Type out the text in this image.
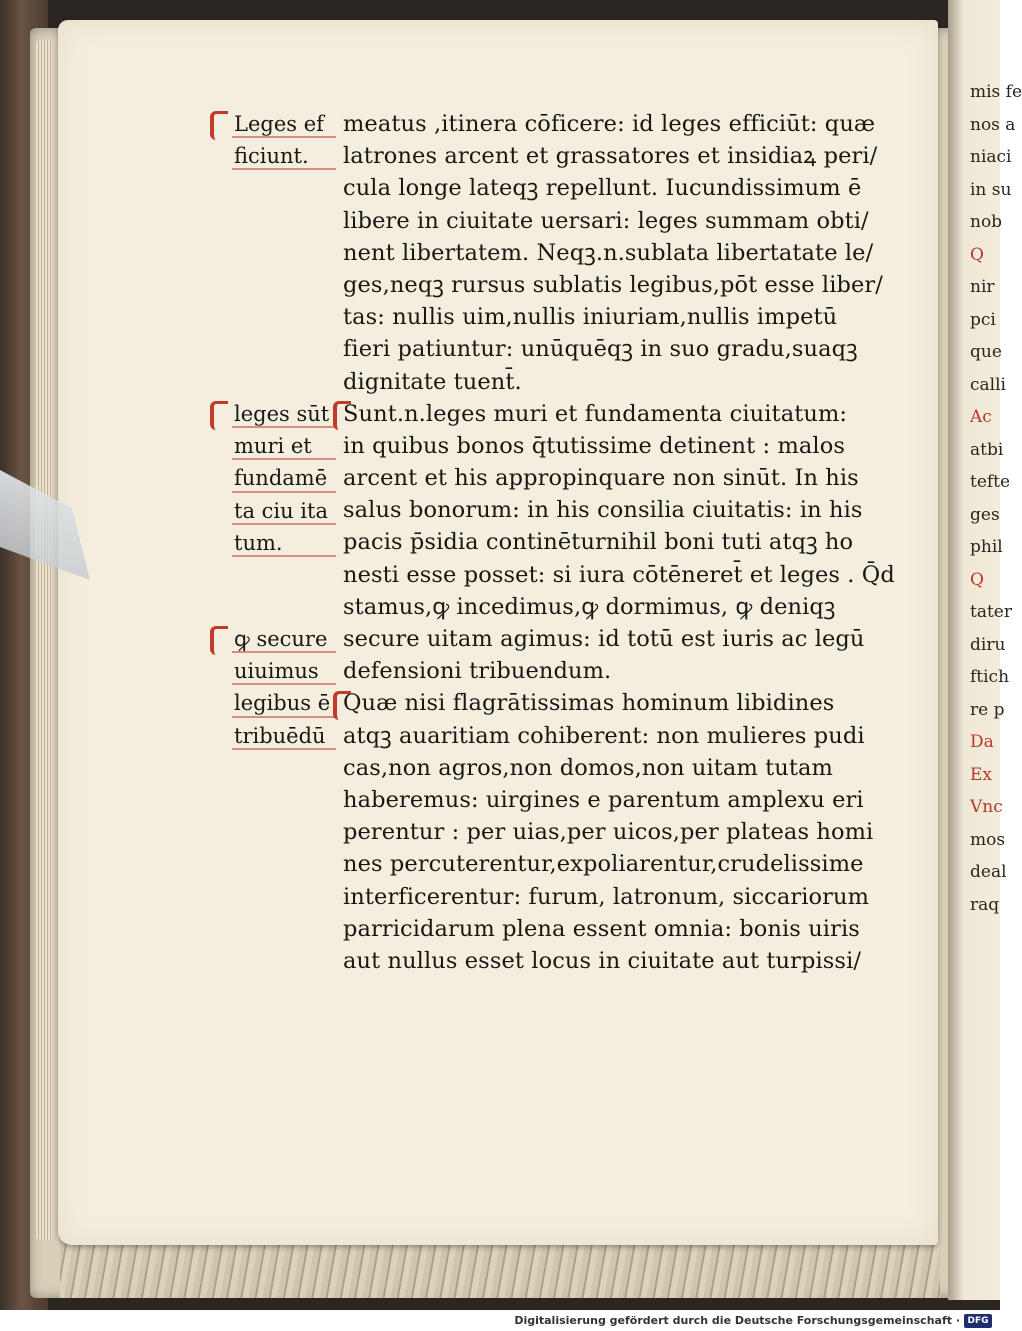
meatus ,itinera cōficere: id leges efficiūt: quæ
latrones arcent et grassatores et insidiaꝝ peri/
cula longe lateqꝫ repellunt. Iucundissimum ē
libere in ciuitate uersari: leges summam obti/
nent libertatem. Neqꝫ.n.sublata libertatate le/
ges,neqꝫ rursus sublatis legibus,pōt esse liber/
tas: nullis uim,nullis iniuriam,nullis impetū
fieri patiuntur: unūquēqꝫ in suo gradu,suaqꝫ
dignitate tuent̄.
Sunt.n.leges muri et fundamenta ciuitatum:
in quibus bonos q̄tutissime detinent : malos
arcent et his appropinquare non sinūt. In his
salus bonorum: in his consilia ciuitatis: in his
pacis p̄sidia continēturnihil boni tuti atqꝫ ho
nesti esse posset: si iura cōtēneret̄ et leges . Q̄d
stamus,ꝙ incedimus,ꝙ dormimus, ꝙ deniqꝫ
secure uitam agimus: id totū est iuris ac legū
defensioni tribuendum.
Quæ nisi flagrātissimas hominum libidines
atqꝫ auaritiam cohiberent: non mulieres pudi
cas,non agros,non domos,non uitam tutam
haberemus: uirgines e parentum amplexu eri
perentur : per uias,per uicos,per plateas homi
nes percuterentur,expoliarentur,crudelissime
interficerentur: furum, latronum, siccariorum
parricidarum plena essent omnia: bonis uiris
aut nullus esset locus in ciuitate aut turpissi/
Leges ef
ficiunt.
leges sūt
muri et
fundamē
ta ciu ita
tum.
ꝙ secure
uiuimus
legibus ē
tribuēdū
mis fe
nos a
niaci
in su
nob
Q
nir
pci
que
calli
Ac
atbi
tefte
ges
phil
Q
tater
diru
ftich
re p
Da
Ex
Vnc
mos
deal
raq
Digitalisierung gefördert durch die Deutsche Forschungsgemeinschaft · DFG
